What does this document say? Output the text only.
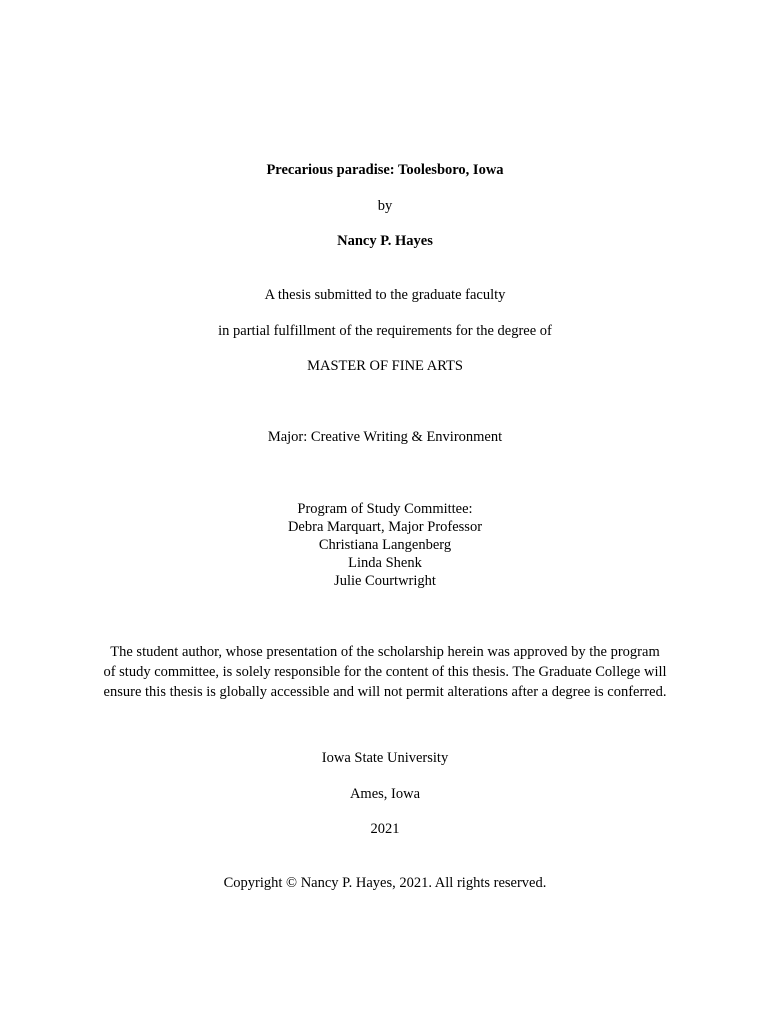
Precarious paradise: Toolesboro, Iowa
by
Nancy P. Hayes
A thesis submitted to the graduate faculty
in partial fulfillment of the requirements for the degree of
MASTER OF FINE ARTS
Major: Creative Writing & Environment
Program of Study Committee:
Debra Marquart, Major Professor
Christiana Langenberg
Linda Shenk
Julie Courtwright
The student author, whose presentation of the scholarship herein was approved by the program
of study committee, is solely responsible for the content of this thesis. The Graduate College will
ensure this thesis is globally accessible and will not permit alterations after a degree is conferred.
Iowa State University
Ames, Iowa
2021
Copyright © Nancy P. Hayes, 2021. All rights reserved.
